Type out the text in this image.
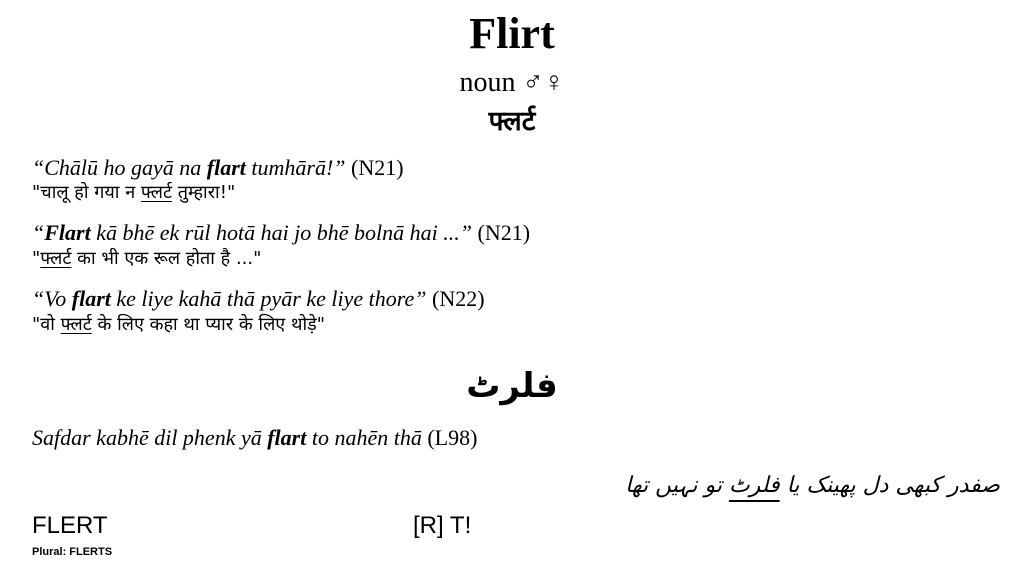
Flirt
noun ♂♀
फ्लर्ट
“Chālū ho gayā na flart tumhārā!” (N21)
"चालू हो गया न फ्लर्ट तुम्हारा!"
“Flart kā bhē ek rūl hotā hai jo bhē bolnā hai ...” (N21)
"फ्लर्ट का भी एक रूल होता है ..."
“Vo flart ke liye kahā thā pyār ke liye thore” (N22)
"वो फ्लर्ट के लिए कहा था प्यार के लिए थोड़े"
فلرٹ
Safdar kabhē dil phenk yā flart to nahēn thā (L98)
صفدر کبھی دل پھینک یا فلرٹ تو نہیں تھا
FLERT
Plural: FLERTS
[R] T!
